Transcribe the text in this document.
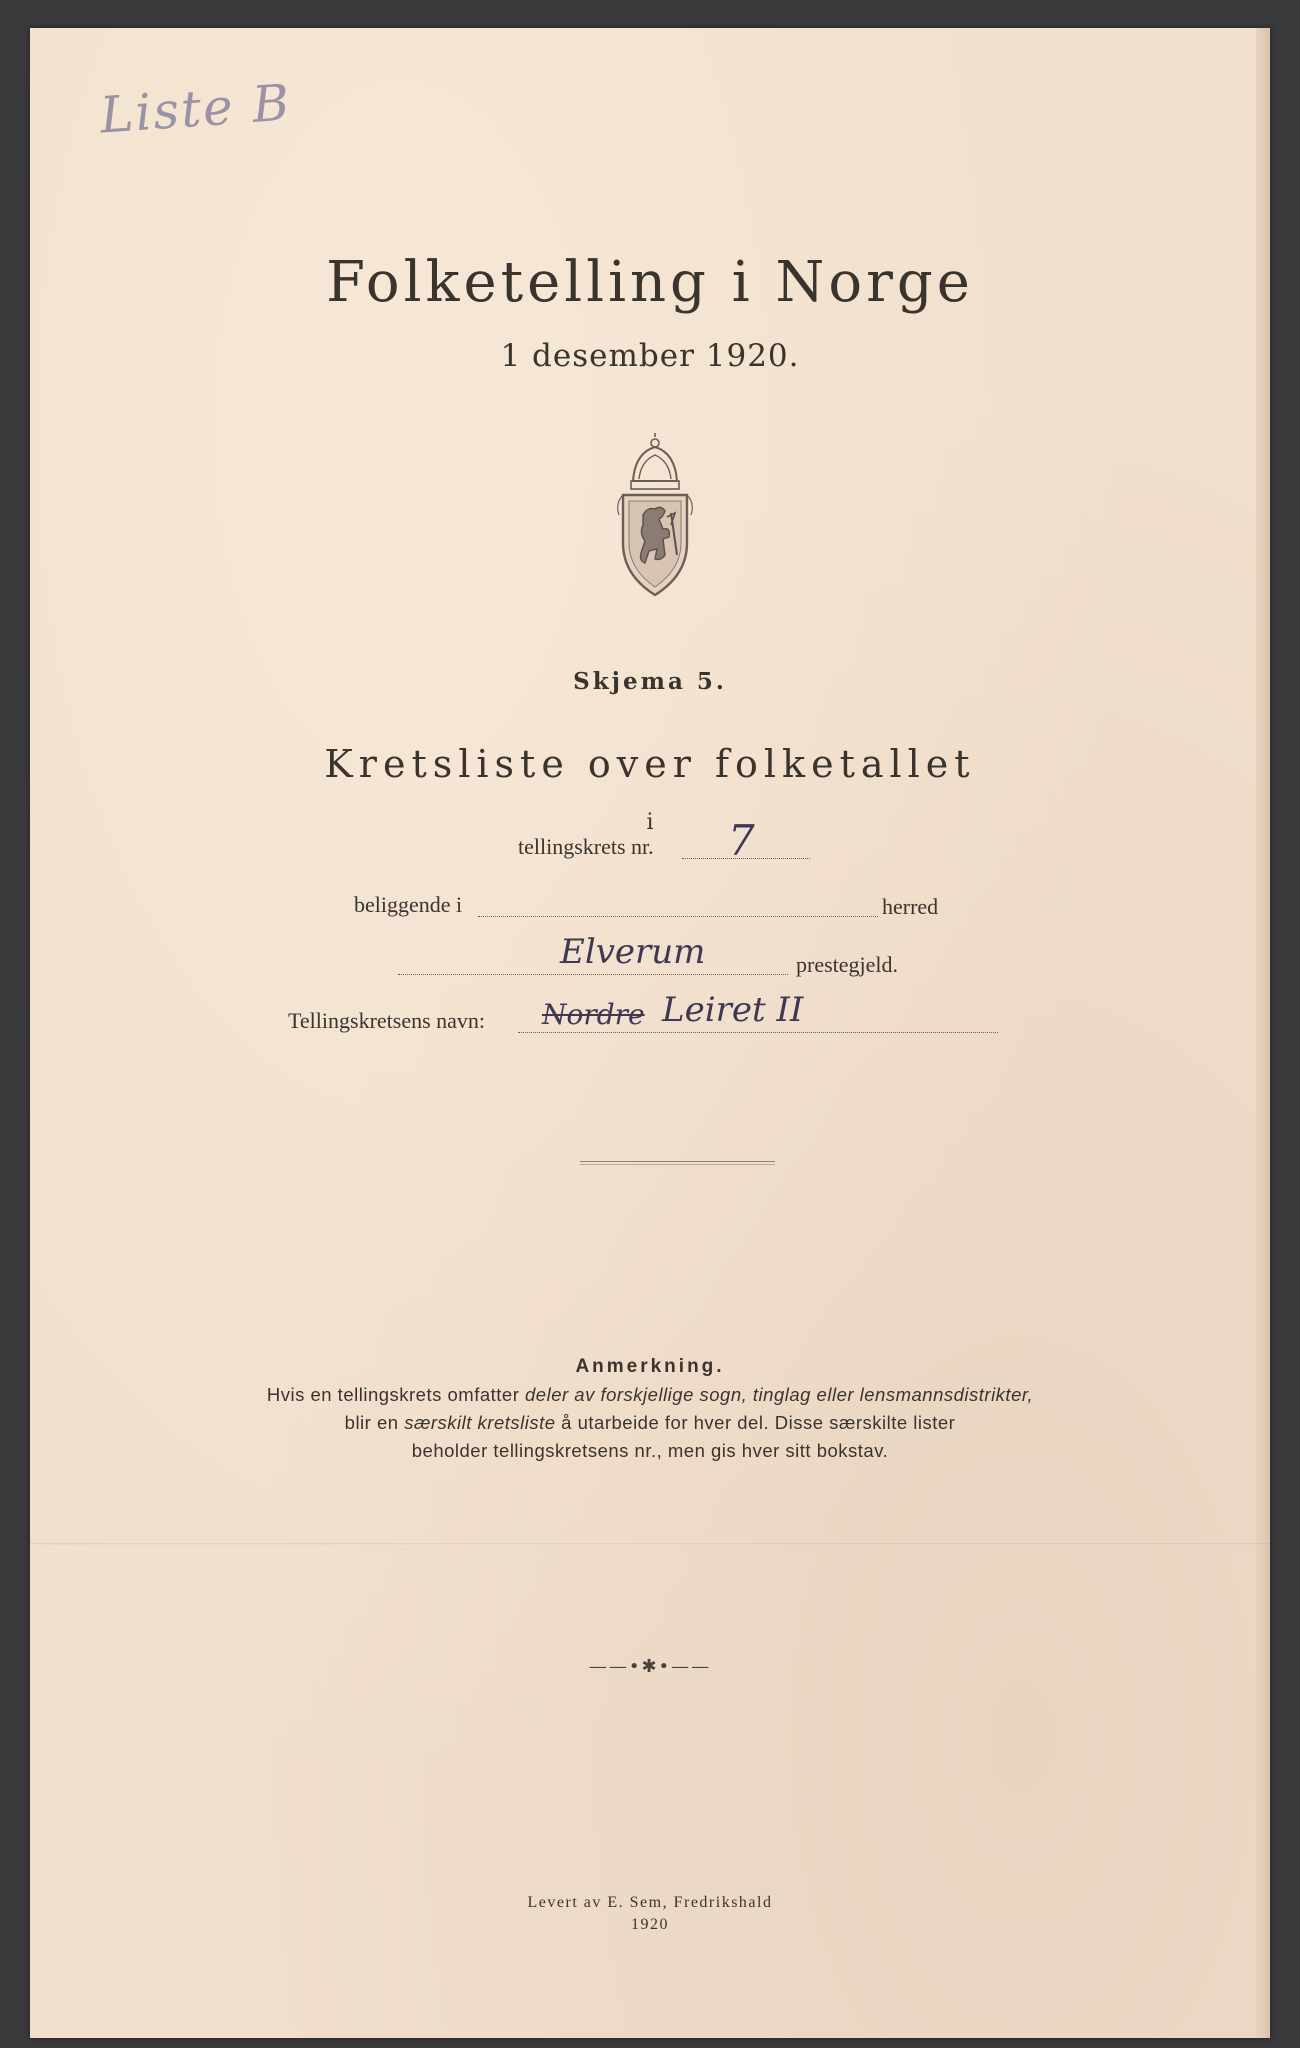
Liste B
Folketelling i Norge
1 desember 1920.
Skjema 5.
Kretsliste over folketallet
i
tellingskrets nr. 7
beliggende i	herred
Elverum	prestegjeld.
Tellingskretsens navn: Nordre Leiret II
Anmerkning.
Hvis en tellingskrets omfatter deler av forskjellige sogn, tinglag eller lensmannsdistrikter,
blir en særskilt kretsliste å utarbeide for hver del. Disse særskilte lister
beholder tellingskretsens nr., men gis hver sitt bokstav.
——•✱•——
Levert av E. Sem, Fredrikshald
1920
